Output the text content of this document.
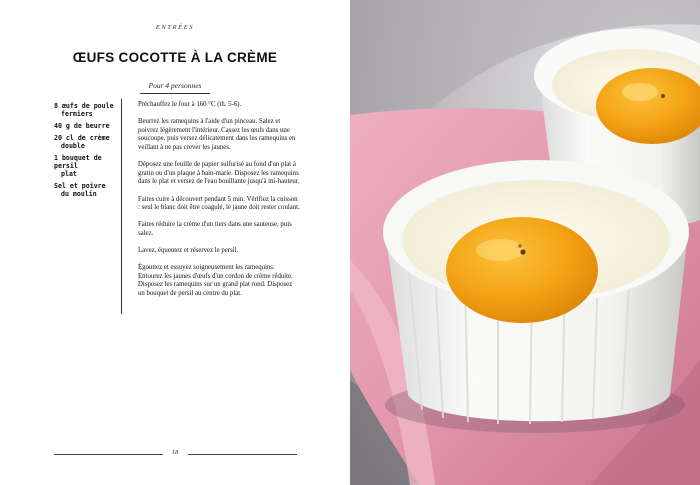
ENTRÉES
ŒUFS COCOTTE À LA CRÈME
Pour 4 personnes
8 œufs de poule
fermiers
40 g de beurre
20 cl de crème
double
1 bouquet de persil
plat
Sel et poivre
du moulin

Préchauffez le four à 160 °C (th. 5-6).

Beurrez les ramequins à l'aide d'un pinceau. Salez et poivrez légèrement l'intérieur. Cassez les œufs dans une soucoupe, puis versez délicatement dans les ramequins en veillant à ne pas crever les jaunes.

Déposez une feuille de papier sulfurisé au fond d'un plat à gratin ou d'un plaque à bain-marie. Disposez les ramequins dans le plat et versez de l'eau bouillante jusqu'à mi-hauteur.

Faites cuire à découvert pendant 5 min. Vérifiez la cuisson : seul le blanc doit être coagulé, le jaune doit rester coulant.

Faites réduire la crème d'un tiers dans une sauteuse, puis salez.

Lavez, équeutez et réservez le persil.

Égouttez et essuyez soigneusement les ramequins. Entourez les jaunes d'œufs d'un cordon de crème réduite. Disposez les ramequins sur un grand plat rond. Disposez un bouquet de persil au centre du plat.

18
